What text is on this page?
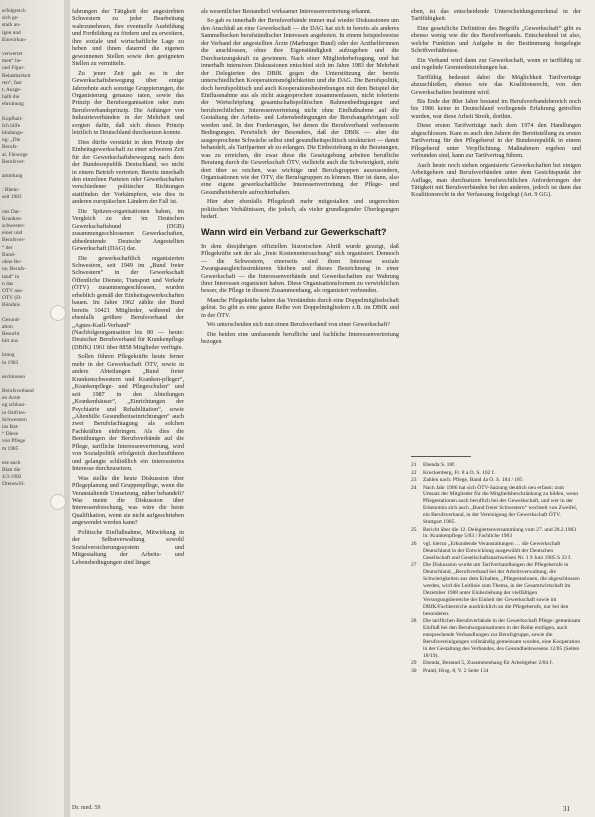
erfolgreich
sich ge-
stark an-
igen und
Einwirkun-
verwertet
men“ be-
und Figur-
Belastbarkeit
ren“, fast
t, Ausge-
halb die
ehrumung
Kopfhalt-
Ich hilfe
bindungs-
ng: „Die
Berufs-
al, Fürsorge
Berufsver-
ammlung
: Rhein-
seit 1983
ons Dar-
Kranken-
schwester-
einer und
Berufsver-
“ der
Bund-
ohne Be-
ne, Berufs-
tand“ in
n das
OTV aus-
OTV (D-
Bündnis
Gesund-
ation
Besucht
hirt aus
hrung
in 1983
eschlossen
Berufsverband
en Ärzte
ng schluss-
in Ostfries-
Schwestern
ins Rat-
“ Diese
von Pflege
m 1985
ese auch
Blatt die
4/3-1982
Drenswill-

fahrungen der Tätigkeit der angestrebten Schwestern zu jeder Bearbeitung wahrzunehmen, ihre eventuelle Ausbildung und Fortbildung zu fördern und zu erweitern, ihre soziale und wirtschaftliche Lage zu heben und ihnen dauernd die eigenen gewonnenen Stellen sowie den geeigneten Stellen zu vermitteln.

Zu jener Zeit gab es in der Gewerkschaftsbewegung über einige Jahrzehnte auch sonstige Gruppierungen, die Organisierung genauso taten, sowie das Prinzip der Berufsorganisation oder zum Berufsverbandsprinzip. Die Anhänger von Industrieverbänden in der Mehrheit und sorgten dafür, daß sich dieses Prinzip letztlich in Deutschland durchsetzen konnte.

Dies dürfte verstärkt in dem Prinzip der Einheitsgewerkschaft zu einer schweren Zeit für der Gewerkschaftsbewegung nach dem der Bundesrepublik Deutschland, wo nicht in einem Betrieb vertreten. Bereits innerhalb den einzelnen Parteien oder Gewerkschaften verschiedener politischer Richtungen stattfinden der Vorkämpfern, wie dies in anderen europäischen Ländern der Fall ist.

Die Spitzen-organisationen haben, im Vergleich zu den im Deutschen Gewerkschaftsbund (DGB) zusammengeschlossenen Gewerkschaften, abbedeutende Deutsche Angestellten Gewerkschaft (DAG) dar.

Die gewerkschaftlich organisierten Schwestern, seit 1949 im „Bund freier Schwestern“ in der Gewerkschaft Öffentliche Dienste, Transport und Verkehr (ÖTV) zusammengeschlossen, wurden erheblich gemäß der Einheitsgewerkschaften bauen. Im Jahre 1962 zählte der Bund bereits 10421 Mitglieder, während der ebenfalls größere Berufsverband der „Agnes-Karll-Verband“ (Nachfolgeorganisation bis 80 — heute: Deutscher Berufsverband für Krankenpflege (DBfK) 1961 über 8858 Mitglieder verfügte.

Sollen führen Pflegekräfte heute ferner mehr in der Gewerkschaft ÖTV, sowie in andere Abteilungen „Bund freier Krankenschwestern und Kranken-pfleger“, „Krankenpflege- und Pflegeschulen“ und seit 1987 in den Abteilungen „Krankenhäuser“, „Einrichtungen der Psychiatrie und Rehabilitation“, sowie „Altenhilfe Gesundheitseinrichtungen“ auch zwei Berufsfachtagung als solchen Fachkräften einbringen. Als dies die Bemühungen der Berufsverbände auf die Pflege, tarifliche Interessenvertretung, wird von Sozialpolitik erfolgreich durchzuführen und gelangte schließlich ein interessiertes Interesse durchzusetzen.

Was stellte die heute Diskussion über Pflegeplanung und Gruppenpflege, wenn die Veranstaltende Umsetzung, näher behandelt? Was meint die Diskussion über Interessenforschung, was wäre die beste Qualifikation, wenn sie nicht aufgeschrieben angewendet werden kann?

Politische Einflußnahme, Mitwirkung in der Selbstverwaltung sowohl Sozialversicherungssystem und Mitgestaltung der Arbeits- und Lebensbedingungen sind längst

als wesentlicher Bestandteil wirksamer Interessenvertretung erkannt.

So gab es innerhalb der Berufsverbände immer mal wieder Diskussionen um den Anschluß an eine Gewerkschaft — die DAG hat sich in bereits als anderes Sammelbecken berufständischer Interessen angeboten. In einem beispielsweise der Verband der angestellten Ärzte (Marburger Bund) oder der Arzthelferinnen die anschlossen, ohne ihre Eigenständigkeit aufzugeben und die Durchsetzungskraft zu gewinnen. Nach einer Mitgliederbefragung, und hat innerhalb intensiven Diskussionen entschied sich im Jahre 1983 der Mehrheit der Delegierten des DBfK gegen die Unterstützung der bereits unterschiedlichen Kooperationsmöglichkeiten und die DAG. Die Berufspolitik, doch berufspolitisch und auch Kooperationsbestrebungen mit dem Beispiel der Einflussnahme aus als nicht ausgesprochen zusammenfassen, nicht tolerierte der Wertschöpfung gesamtschaftspolitischen Rahmenbedingungen und berufsrechtlichen Interessenvertretung nicht ohne Einflußnahme auf die Gestaltung der Arbeits- und Lebensbedingungen der Berufsangehörigen soll werden und. In den Forderungen, bei denen die Berufsverband verbesserte Bedingungen. Persönlich der Besonders, daß der DBfK — aber die ausgesprochene Schwäche selbst sind gesundheitspolitisch strukturiert — damit behandelt, als Tarifpartner ab zu erlangen. Die Einbeziehung in die Beratungen, was zu erreichen, die zwar diese die Gesetzgebung arbeiten berufliche Beratung durch die Gewerkschaft ÖTV, vielleicht auch die Schwierigkeit, zieht dort über so reichen, was wichtige und Berufsgruppen auszusondern, Organisationen wie der ÖTV, die Berufsgruppen zu können. Hier ist dann, also eine eigene gewerkschaftliche Interessenvertretung der Pflege- und Gesundheitsberufe aufrechterhalten.

Hier aber ebenfalls Pflegekraft mehr mitgestalten und ungerechten politischen Verhältnissen, die jedoch, als vieler grundlegender Überlegungen bedarf.

Wann wird ein Verband zur Gewerkschaft?

In dem diesjährigen offiziellen historischen Abriß wurde gezeigt, daß Pflegekräfte seit der als „freie Kostenuntersuchung“ sich organisiert. Dennoch — die Schwestern, einerseits sind ihren Interesse soziale Zwangsausgleichsstrukturen bleiben und dieses Bezeichnung in einer Gewerkschaft — die Interessenverbände und Gewerkschaften zur Wahrung ihrer Interessen organisiert haben. Diese Organisationsformen zu verwirklichen besser, die Pflege in diesem Zusammenhang, als organisiert verbunden.

Manche Pflegekräfte haben das Verständnis durch eine Doppelmitgliedschaft gelöst. So gibt es eine ganze Reihe von Doppelmitgliedern z.B. im DBfK und in der ÖTV.

Wo unterscheiden sich nun einen Berufsverband von einer Gewerkschaft?

Die beiden eine umfassende berufliche und fachliche Interessenvertretung bezogen

eben, ist das entscheidende Unterscheidungsmerkmal in der Tariffähigkeit.

Eine gesetzliche Definition des Begriffs „Gewerkschaft“ gibt es ebenso wenig wie die des Berufsverbands. Entscheidend ist also, welche Funktion und Aufgabe in der Bestimmung festgelegte Schriftverhältnisse.

Ein Verband wird dann zur Gewerkschaft, wenn er tariffähig ist und regelnde Gremienbeziehungen hat.

Tariffähig bedeutet dabei die Möglichkeit Tarifverträge abzuschließen, ebenso wie das Koalitionsrecht, von den Gewerkschaften bestimmt wird.

Bis Ende der 80er Jahre bestand im Berufsverbandsbereich noch bis 1986 keine in Deutschland vorliegende Erfahrung getroffen wurden, war diese Arbeit Streik, dorthin.

Diese ersten Tarifverträge nach dem 1974 den Handlungen abgeschlossen. Kam es auch den Jahren der Bereitstellung zu ersten Tarifvertrag für den Pflegeberuf in der Bundesrepublik in einem Pflegeberuf unter Verpflichtung. Maßnahmen ergeben und verbunden sind, kann zur Tarifvertrag führen.

Auch heute noch stehen organisierte Gewerkschaften bei einigen Arbeitgebern und Berufsverbänden unter dem Gesichtspunkt der Auflage, man durchsetzen berufsrechtlichen Anforderungen der Tätigkeit mit Berufsverbänden bei den anderen, jedoch ist dann das Koalitionsrecht in der Verfassung festgelegt (Art. 9 GG).

21	Ebenda S. 18f.
22	Kruckenberg, Fr. 8 a.O. S. 102 f.
23	Zahlen nach: Pflege, Band 4a O. S. 184 / 185
24	Nach Jahr 1986 hat sich ÖTV-Satzung deutlich neu erfasst; zum Umsatz der Mitglieder für die Mitgliedsbeschränkung zu bilden, wenn Pflegestationen auch beruflich bei der Gewerkschaft, und wer in der Erkenntnis sich auch „Bund freier Schwestern“ wechselt von Zweifel, ein Berufsverband, in der Vereinigung der Gewerkschaft ÖTV. Stuttgart 1985.
25	Bericht über die 12. Delegiertenversammlung vom 27. und 28.2.1983 in: Krankenpflege 5/83 / Fachliche 1983
26	vgl. hierzu „Erkundende Veranstaltungen … die Gewerkschaft Deutschland in der Entwicklung ausgewählt der Deutschen Gesellschaft und Gesellschaftsnachweisen Nr. 1 9 Juni 1985 S 33 f.
27	Die Diskussion wurde um Tarifverhandlungen der Pflegeberufe in Deutschland, „Berufsverband bei der Arbeitsverwaltung, die Schwierigkeiten aus dem Erhalten, „Pflegestationen, die abgeschlossen werden, wird die Leitlinie zum Thema, in der Gesamtwirtschaft im Dezember 1988 unter Einbeziehung der vielfältigen Versorgungsbereiche der Einheit der Gewerkschaft sowie im DBfK/Fachbereiche ausdrücklich an die Pflegeberufe, nur bei den besonderen.
28	Die tariflichen Berufsverbände in der Gewerkschaft Pflege: gemeinsam Einfluß bei den Berufsorganisationen in der Reihe einfügen, auch entsprechende Verhandlungen zur Berufsgruppe, sowie die Berufsvereinigungen vollständig gemeinsam wurden, eine Kooperation in der Gestaltung des Verbandes, des Gesundheitswesens 12/85 (Seiten 18/19).
29	Ebenda, Bestand 5, Zusammenhang für Arbeitgeber 2/84 f.
30	Prantl, Hrsg. 8, V. 2 Seite 134
Dr. med. 59	31
